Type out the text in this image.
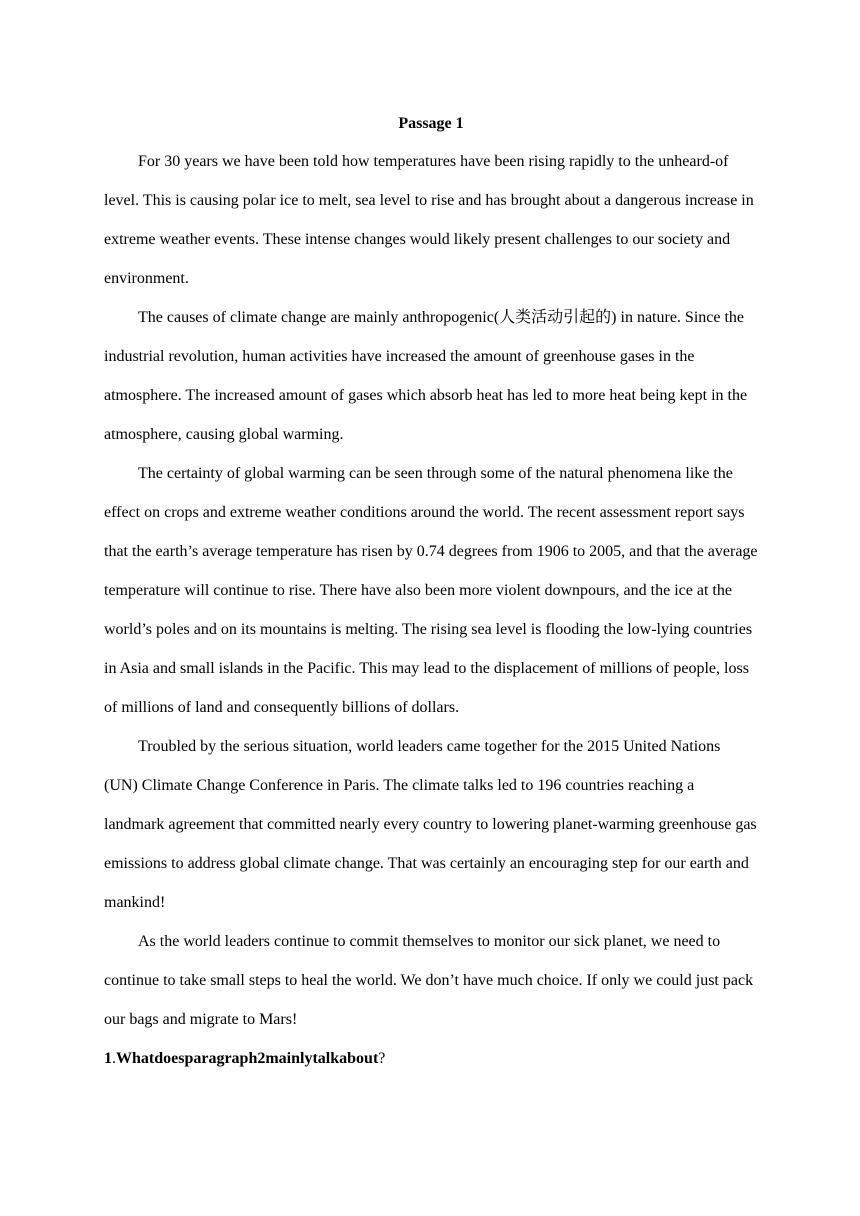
Passage 1

For 30 years we have been told how temperatures have been rising rapidly to the unheard-of level. This is causing polar ice to melt, sea level to rise and has brought about a dangerous increase in extreme weather events. These intense changes would likely present challenges to our society and environment.

The causes of climate change are mainly anthropogenic(人类活动引起的) in nature. Since the industrial revolution, human activities have increased the amount of greenhouse gases in the atmosphere. The increased amount of gases which absorb heat has led to more heat being kept in the atmosphere, causing global warming.

The certainty of global warming can be seen through some of the natural phenomena like the effect on crops and extreme weather conditions around the world. The recent assessment report says that the earth’s average temperature has risen by 0.74 degrees from 1906 to 2005, and that the average temperature will continue to rise. There have also been more violent downpours, and the ice at the world’s poles and on its mountains is melting. The rising sea level is flooding the low-lying countries in Asia and small islands in the Pacific. This may lead to the displacement of millions of people, loss of millions of land and consequently billions of dollars.

Troubled by the serious situation, world leaders came together for the 2015 United Nations (UN) Climate Change Conference in Paris. The climate talks led to 196 countries reaching a landmark agreement that committed nearly every country to lowering planet-warming greenhouse gas emissions to address global climate change. That was certainly an encouraging step for our earth and mankind!

As the world leaders continue to commit themselves to monitor our sick planet, we need to continue to take small steps to heal the world. We don’t have much choice. If only we could just pack our bags and migrate to Mars!

1.Whatdoesparagraph2mainlytalkabout?
